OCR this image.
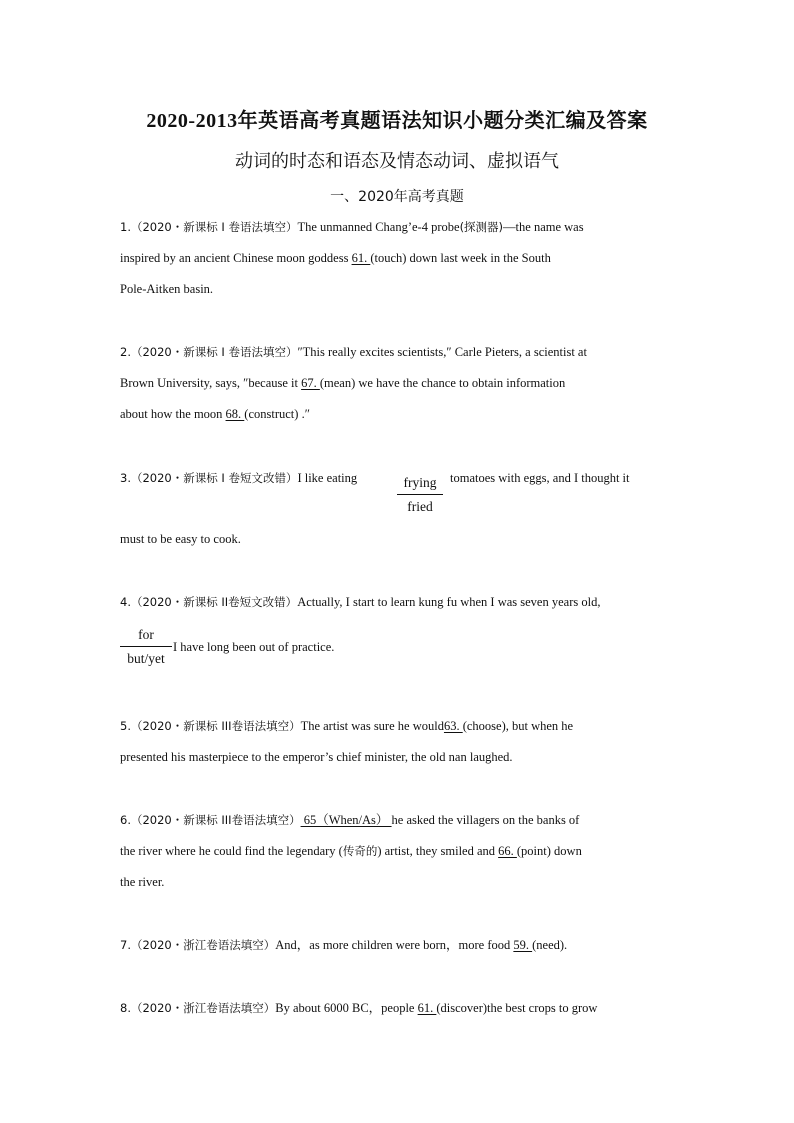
2020-2013年英语高考真题语法知识小题分类汇编及答案
动词的时态和语态及情态动词、虚拟语气
一、2020年高考真题
1.（2020・新课标 I 卷语法填空）The unmanned Chang’e-4 probe(探测器)—the name was
inspired by an ancient Chinese moon goddess 61. (touch) down last week in the South
Pole-Aitken basin.
2.（2020・新课标 I 卷语法填空）″This really excites scientists,″ Carle Pieters, a scientist at
Brown University, says, ″because it 67. (mean) we have the chance to obtain information
about how the moon 68. (construct) .″
3.（2020・新课标 I 卷短文改错）I like eating	frying
fried
tomatoes with eggs, and I thought it
must to be easy to cook.
4.（2020・新课标 II卷短文改错）Actually, I start to learn kung fu when I was seven years old,
for
but/yet
I have long been out of practice.
5.（2020・新课标 III卷语法填空）The artist was sure he would63. (choose), but when he
presented his masterpiece to the emperor’s chief minister, the old nan laughed.
6.（2020・新课标 III卷语法填空） 65（When/As） he asked the villagers on the banks of
the river where he could find the legendary (传奇的) artist, they smiled and 66. (point) down
the river.
7.（2020・浙江卷语法填空）And，as more children were born，more food 59. (need).
8.（2020・浙江卷语法填空）By about 6000 BC，people 61. (discover)the best crops to grow
